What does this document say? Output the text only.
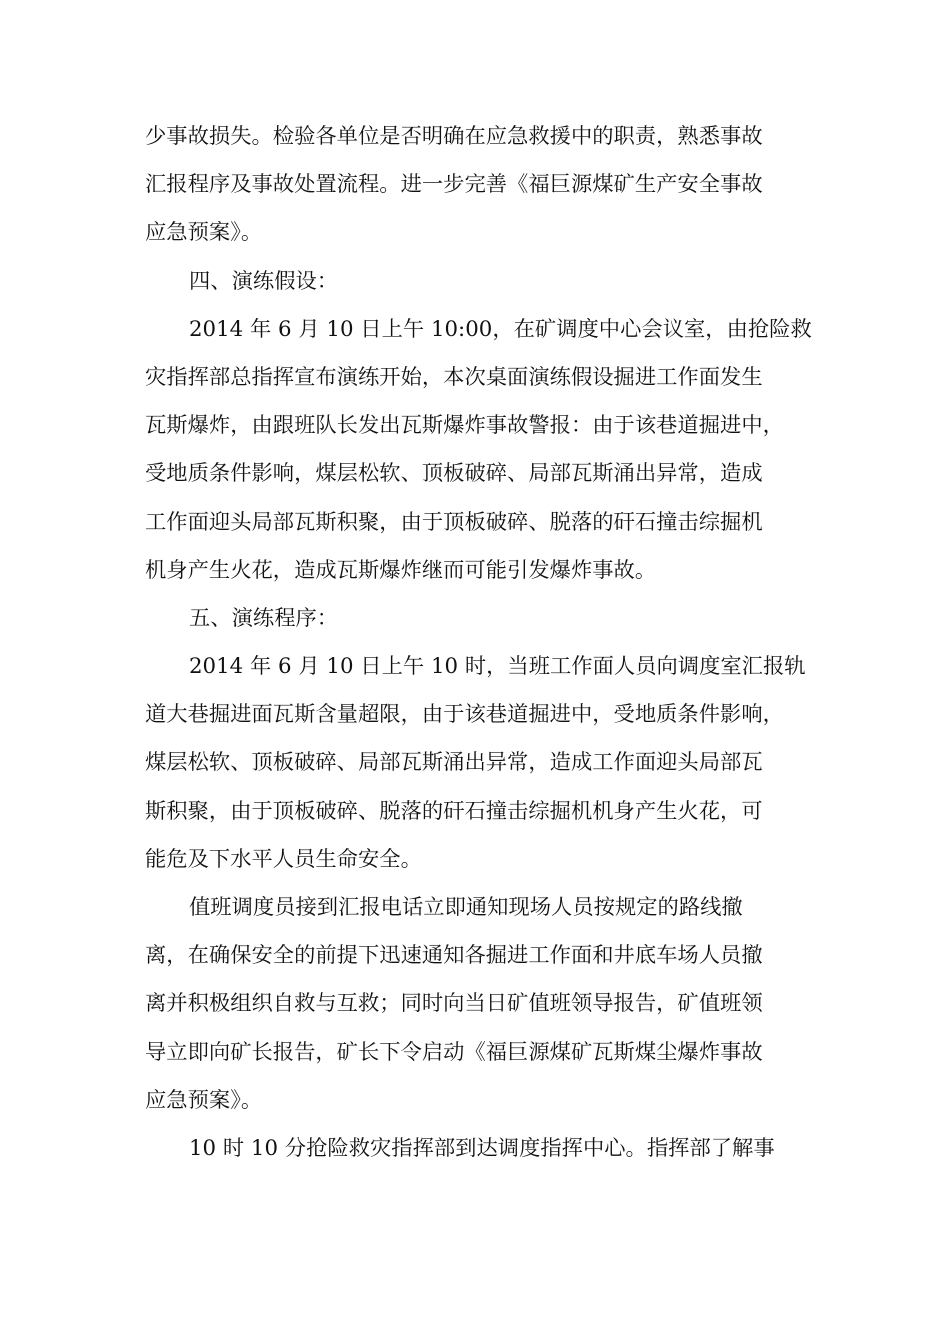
少事故损失。检验各单位是否明确在应急救援中的职责，熟悉事故
汇报程序及事故处置流程。进一步完善《福巨源煤矿生产安全事故
应急预案》。
四、演练假设：
2014 年 6 月 10 日上午 10:00，在矿调度中心会议室，由抢险救
灾指挥部总指挥宣布演练开始，本次桌面演练假设掘进工作面发生
瓦斯爆炸，由跟班队长发出瓦斯爆炸事故警报：由于该巷道掘进中，
受地质条件影响，煤层松软、顶板破碎、局部瓦斯涌出异常，造成
工作面迎头局部瓦斯积聚，由于顶板破碎、脱落的矸石撞击综掘机
机身产生火花，造成瓦斯爆炸继而可能引发爆炸事故。
五、演练程序：
2014 年 6 月 10 日上午 10 时，当班工作面人员向调度室汇报轨
道大巷掘进面瓦斯含量超限，由于该巷道掘进中，受地质条件影响，
煤层松软、顶板破碎、局部瓦斯涌出异常，造成工作面迎头局部瓦
斯积聚，由于顶板破碎、脱落的矸石撞击综掘机机身产生火花，可
能危及下水平人员生命安全。
值班调度员接到汇报电话立即通知现场人员按规定的路线撤
离，在确保安全的前提下迅速通知各掘进工作面和井底车场人员撤
离并积极组织自救与互救；同时向当日矿值班领导报告，矿值班领
导立即向矿长报告，矿长下令启动《福巨源煤矿瓦斯煤尘爆炸事故
应急预案》。
10 时 10 分抢险救灾指挥部到达调度指挥中心。指挥部了解事
